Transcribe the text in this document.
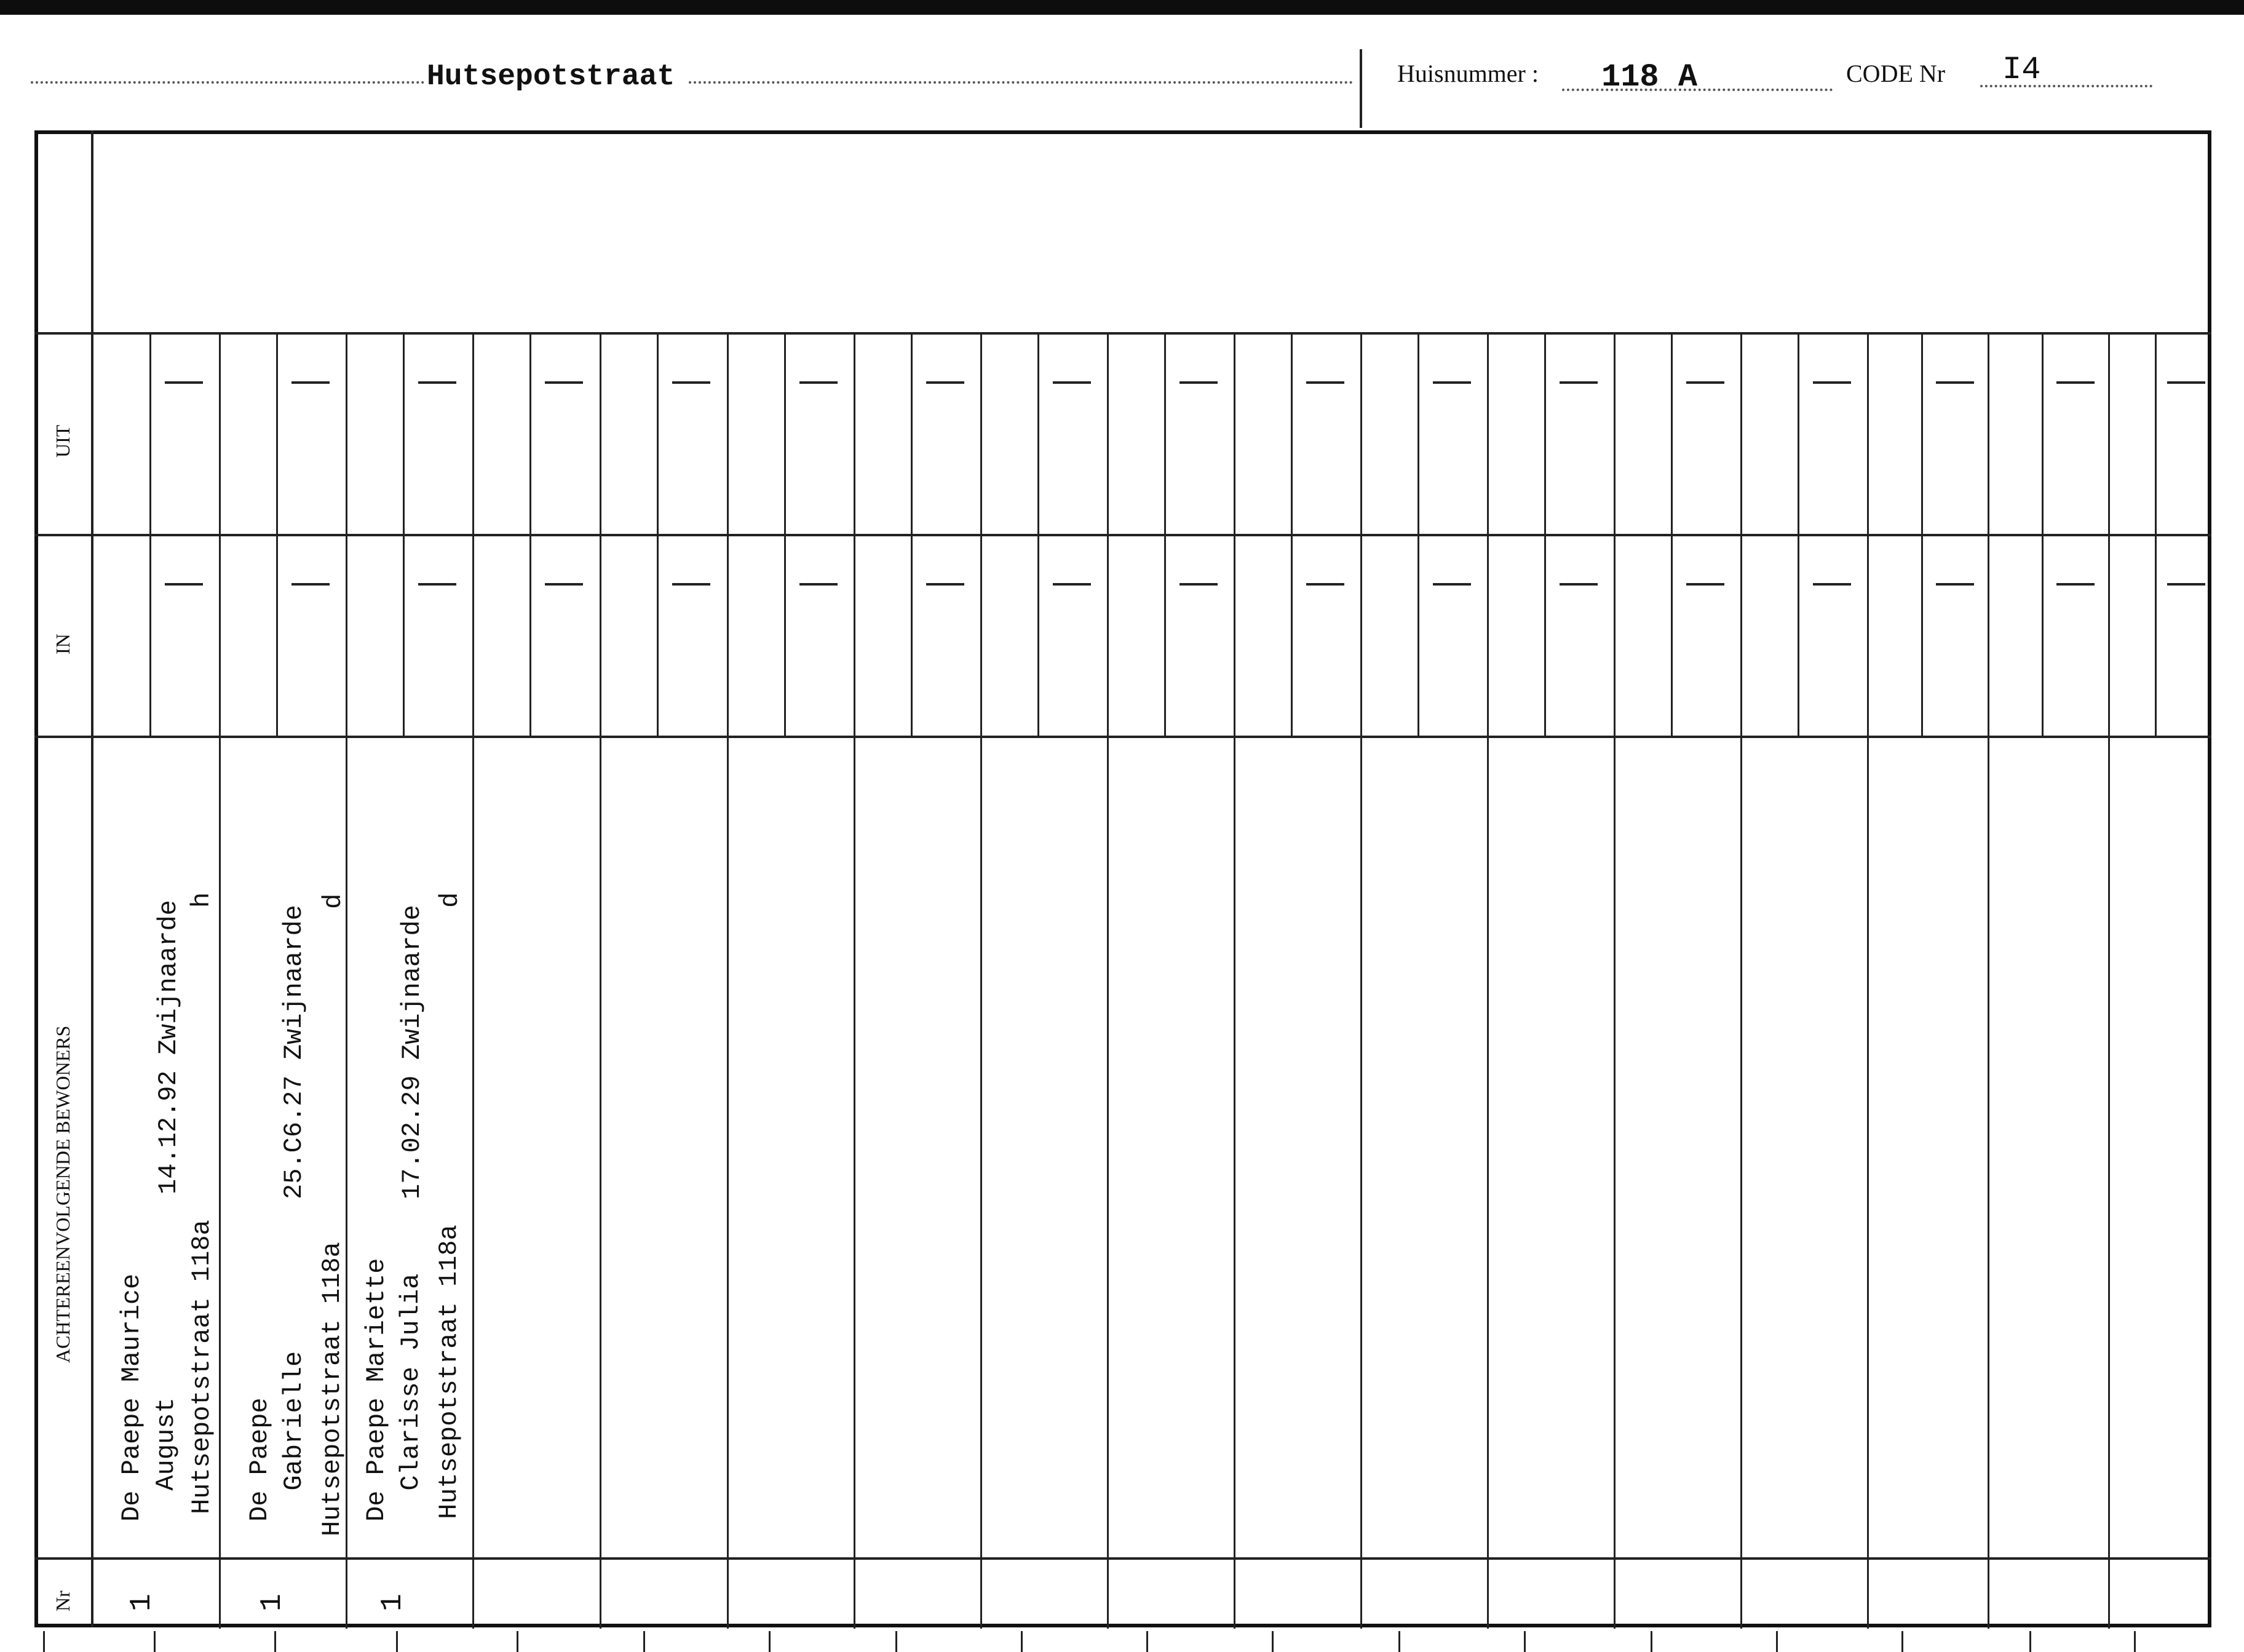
Hutsepotstraat	Huisnummer : 118 A	CODE Nr I4
UIT
IN
ACHTEREENVOLGENDE BEWONERS
Nr
De Paepe Maurice August
14.12.92 Zwijnaarde
Hutsepotstraat 118a
h
1
De Paepe Gabrielle
25.C6.27 Zwijnaarde
Hutsepotstraat 118a
d
1
De Paepe Mariette Clarisse Julia
17.02.29 Zwijnaarde
Hutsepotstraat 118a
d
1
